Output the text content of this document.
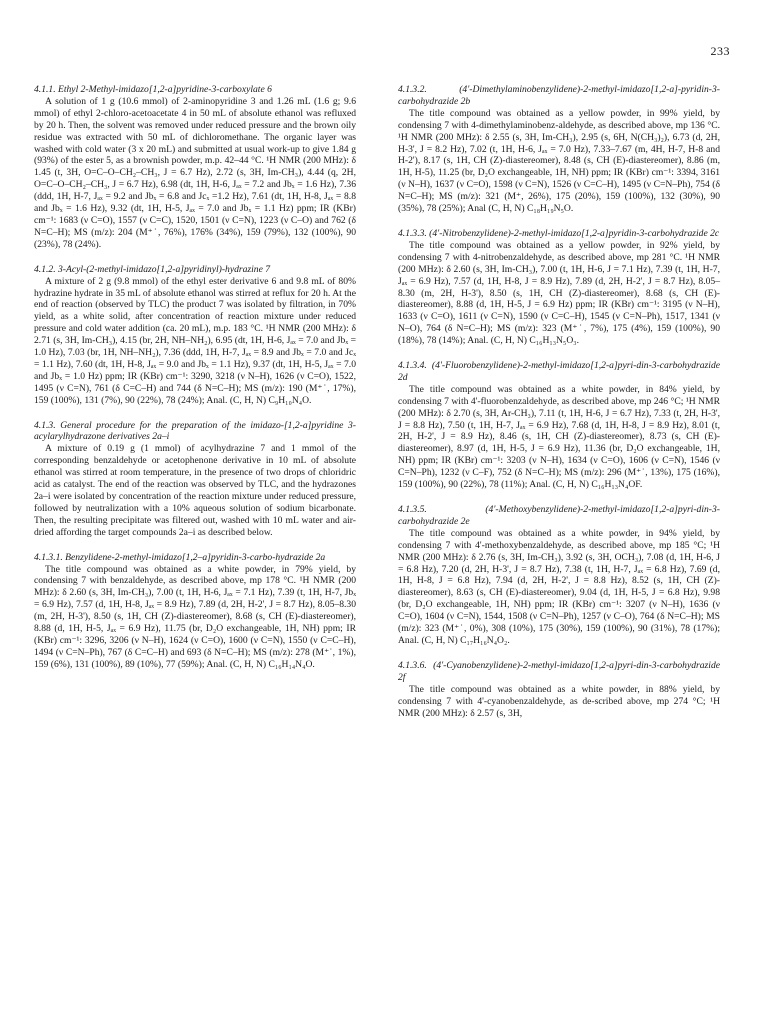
233

4.1.1. Ethyl 2-Methyl-imidazo[1,2-a]pyridine-3-carboxylate 6

A solution of 1 g (10.6 mmol) of 2-aminopyridine 3 and 1.26 mL (1.6 g; 9.6 mmol) of ethyl 2-chloro-acetoacetate 4 in 50 mL of absolute ethanol was refluxed by 20 h. Then, the solvent was removed under reduced pressure and the brown oily residue was extracted with 50 mL of dichloromethane. The organic layer was washed with cold water (3 x 20 mL) and submitted at usual work-up to give 1.84 g (93%) of the ester 5, as a brownish powder, m.p. 42–44 °C. ¹H NMR (200 MHz): δ 1.45 (t, 3H, O=C–O–CH₂–CH₃, J = 6.7 Hz), 2.72 (s, 3H, Im-CH₃), 4.44 (q, 2H, O=C–O–CH₂–CH₃, J = 6.7 Hz), 6.98 (dt, 1H, H-6, Jₐₓ = 7.2 and Jbₓ = 1.6 Hz), 7.36 (ddd, 1H, H-7, Jₐₓ = 9.2 and Jbₓ = 6.8 and Jcₓ =1.2 Hz), 7.61 (dt, 1H, H-8, Jₐₓ = 8.8 and Jbₓ = 1.6 Hz), 9.32 (dt, 1H, H-5, Jₐₓ = 7.0 and Jbₓ = 1.1 Hz) ppm; IR (KBr) cm⁻¹: 1683 (ν C=O), 1557 (ν C=C), 1520, 1501 (ν C=N), 1223 (ν C–O) and 762 (δ N=C–H); MS (m/z): 204 (M⁺˙, 76%), 176% (34%), 159 (79%), 132 (100%), 90 (23%), 78 (24%).

4.1.2. 3-Acyl-(2-methyl-imidazo[1,2-a]pyridinyl)-hydrazine 7

A mixture of 2 g (9.8 mmol) of the ethyl ester derivative 6 and 9.8 mL of 80% hydrazine hydrate in 35 mL of absolute ethanol was stirred at reflux for 20 h. At the end of reaction (observed by TLC) the product 7 was isolated by filtration, in 70% yield, as a white solid, after concentration of reaction mixture under reduced pressure and cold water addition (ca. 20 mL), m.p. 183 °C. ¹H NMR (200 MHz): δ 2.71 (s, 3H, Im-CH₃), 4.15 (br, 2H, NH–NH₂), 6.95 (dt, 1H, H-6, Jₐₓ = 7.0 and Jbₓ = 1.0 Hz), 7.03 (br, 1H, NH–NH₂), 7.36 (ddd, 1H, H-7, Jₐₓ = 8.9 and Jbₓ = 7.0 and Jcₓ = 1.1 Hz), 7.60 (dt, 1H, H-8, Jₐₓ = 9.0 and Jbₓ = 1.1 Hz), 9.37 (dt, 1H, H-5, Jₐₓ = 7.0 and Jbₓ = 1.0 Hz) ppm; IR (KBr) cm⁻¹: 3290, 3218 (ν N–H), 1626 (ν C=O), 1522, 1495 (ν C=N), 761 (δ C=C–H) and 744 (δ N=C–H); MS (m/z): 190 (M⁺˙, 17%), 159 (100%), 131 (7%), 90 (22%), 78 (24%); Anal. (C, H, N) C₉H₁₀N₄O.

4.1.3. General procedure for the preparation of the imidazo-[1,2-a]pyridine 3-acylarylhydrazone derivatives 2a–i

A mixture of 0.19 g (1 mmol) of acylhydrazine 7 and 1 mmol of the corresponding benzaldehyde or acetophenone derivative in 10 mL of absolute ethanol was stirred at room temperature, in the presence of two drops of chloridric acid as catalyst. The end of the reaction was observed by TLC, and the hydrazones 2a–i were isolated by concentration of the reaction mixture under reduced pressure, followed by neutralization with a 10% aqueous solution of sodium bicarbonate. Then, the resulting precipitate was filtered out, washed with 10 mL water and air-dried affording the target compounds 2a–i as described below.

4.1.3.1. Benzylidene-2-methyl-imidazo[1,2–a]pyridin-3-carbo-hydrazide 2a

The title compound was obtained as a white powder, in 79% yield, by condensing 7 with benzaldehyde, as described above, mp 178 °C. ¹H NMR (200 MHz): δ 2.60 (s, 3H, Im-CH₃), 7.00 (t, 1H, H-6, Jₐₓ = 7.1 Hz), 7.39 (t, 1H, H-7, Jbₓ = 6.9 Hz), 7.57 (d, 1H, H-8, Jₐₓ = 8.9 Hz), 7.89 (d, 2H, H-2', J = 8.7 Hz), 8.05–8.30 (m, 2H, H-3'), 8.50 (s, 1H, CH (Z)-diastereomer), 8.68 (s, CH (E)-diastereomer), 8.88 (d, 1H, H-5, Jₐₓ = 6.9 Hz), 11.75 (br, D₂O exchangeable, 1H, NH) ppm; IR (KBr) cm⁻¹: 3296, 3206 (ν N–H), 1624 (ν C=O), 1600 (ν C=N), 1550 (ν C=C–H), 1494 (ν C=N–Ph), 767 (δ C=C–H) and 693 (δ N=C–H); MS (m/z): 278 (M⁺˙, 1%), 159 (6%), 131 (100%), 89 (10%), 77 (59%); Anal. (C, H, N) C₁₆H₁₄N₄O.

4.1.3.2. (4'-Dimethylaminobenzylidene)-2-methyl-imidazo[1,2-a]-pyridin-3-carbohydrazide 2b

The title compound was obtained as a yellow powder, in 99% yield, by condensing 7 with 4-dimethylaminobenz-aldehyde, as described above, mp 136 °C. ¹H NMR (200 MHz): δ 2.55 (s, 3H, Im-CH₃), 2.95 (s, 6H, N(CH₃)₂), 6.73 (d, 2H, H-3', J = 8.2 Hz), 7.02 (t, 1H, H-6, Jₐₓ = 7.0 Hz), 7.33–7.67 (m, 4H, H-7, H-8 and H-2'), 8.17 (s, 1H, CH (Z)-diastereomer), 8.48 (s, CH (E)-diastereomer), 8.86 (m, 1H, H-5), 11.25 (br, D₂O exchangeable, 1H, NH) ppm; IR (KBr) cm⁻¹: 3394, 3161 (ν N–H), 1637 (ν C=O), 1598 (ν C=N), 1526 (ν C=C–H), 1495 (ν C=N–Ph), 754 (δ N=C–H); MS (m/z): 321 (M⁺, 26%), 175 (20%), 159 (100%), 132 (30%), 90 (35%), 78 (25%); Anal (C, H, N) C₁₈H₁₉N₅O.

4.1.3.3. (4'-Nitrobenzylidene)-2-methyl-imidazo[1,2-a]pyridin-3-carbohydrazide 2c

The title compound was obtained as a yellow powder, in 92% yield, by condensing 7 with 4-nitrobenzaldehyde, as described above, mp 281 °C. ¹H NMR (200 MHz): δ 2.60 (s, 3H, Im-CH₃), 7.00 (t, 1H, H-6, J = 7.1 Hz), 7.39 (t, 1H, H-7, Jₐₓ = 6.9 Hz), 7.57 (d, 1H, H-8, J = 8.9 Hz), 7.89 (d, 2H, H-2', J = 8.7 Hz), 8.05–8.30 (m, 2H, H-3'), 8.50 (s, 1H, CH (Z)-diastereomer), 8.68 (s, CH (E)-diastereomer), 8.88 (d, 1H, H-5, J = 6.9 Hz) ppm; IR (KBr) cm⁻¹: 3195 (ν N–H), 1633 (ν C=O), 1611 (ν C=N), 1590 (ν C=C–H), 1545 (ν C=N–Ph), 1517, 1341 (ν N–O), 764 (δ N=C–H); MS (m/z): 323 (M⁺˙, 7%), 175 (4%), 159 (100%), 90 (18%), 78 (14%); Anal. (C, H, N) C₁₆H₁₃N₅O₃.

4.1.3.4. (4'-Fluorobenzylidene)-2-methyl-imidazo[1,2-a]pyri-din-3-carbohydrazide 2d

The title compound was obtained as a white powder, in 84% yield, by condensing 7 with 4'-fluorobenzaldehyde, as described above, mp 246 °C; ¹H NMR (200 MHz): δ 2.70 (s, 3H, Ar-CH₃), 7.11 (t, 1H, H-6, J = 6.7 Hz), 7.33 (t, 2H, H-3', J = 8.8 Hz), 7.50 (t, 1H, H-7, Jₐₓ = 6.9 Hz), 7.68 (d, 1H, H-8, J = 8.9 Hz), 8.01 (t, 2H, H-2', J = 8.9 Hz), 8.46 (s, 1H, CH (Z)-diastereomer), 8.73 (s, CH (E)-diastereomer), 8.97 (d, 1H, H-5, J = 6.9 Hz), 11.36 (br, D₂O exchangeable, 1H, NH) ppm; IR (KBr) cm⁻¹: 3203 (ν N–H), 1634 (ν C=O), 1606 (ν C=N), 1546 (ν C=N–Ph), 1232 (ν C–F), 752 (δ N=C–H); MS (m/z): 296 (M⁺˙, 13%), 175 (16%), 159 (100%), 90 (22%), 78 (11%); Anal. (C, H, N) C₁₆H₁₃N₄OF.

4.1.3.5. (4'-Methoxybenzylidene)-2-methyl-imidazo[1,2-a]pyri-din-3-carbohydrazide 2e

The title compound was obtained as a white powder, in 94% yield, by condensing 7 with 4'-methoxybenzaldehyde, as described above, mp 185 °C; ¹H NMR (200 MHz): δ 2.76 (s, 3H, Im-CH₃), 3.92 (s, 3H, OCH₃), 7.08 (d, 1H, H-6, J = 6.8 Hz), 7.20 (d, 2H, H-3', J = 8.7 Hz), 7.38 (t, 1H, H-7, Jₐₓ = 6.8 Hz), 7.69 (d, 1H, H-8, J = 6.8 Hz), 7.94 (d, 2H, H-2', J = 8.8 Hz), 8.52 (s, 1H, CH (Z)-diastereomer), 8.63 (s, CH (E)-diastereomer), 9.04 (d, 1H, H-5, J = 6.8 Hz), 9.98 (br, D₂O exchangeable, 1H, NH) ppm; IR (KBr) cm⁻¹: 3207 (ν N–H), 1636 (ν C=O), 1604 (ν C=N), 1544, 1508 (ν C=N–Ph), 1257 (ν C–O), 764 (δ N=C–H); MS (m/z): 323 (M⁺˙, 0%), 308 (10%), 175 (30%), 159 (100%), 90 (31%), 78 (17%); Anal. (C, H, N) C₁₇H₁₆N₄O₂.

4.1.3.6. (4'-Cyanobenzylidene)-2-methyl-imidazo[1,2-a]pyri-din-3-carbohydrazide 2f

The title compound was obtained as a white powder, in 88% yield, by condensing 7 with 4'-cyanobenzaldehyde, as de-scribed above, mp 274 °C; ¹H NMR (200 MHz): δ 2.57 (s, 3H,
